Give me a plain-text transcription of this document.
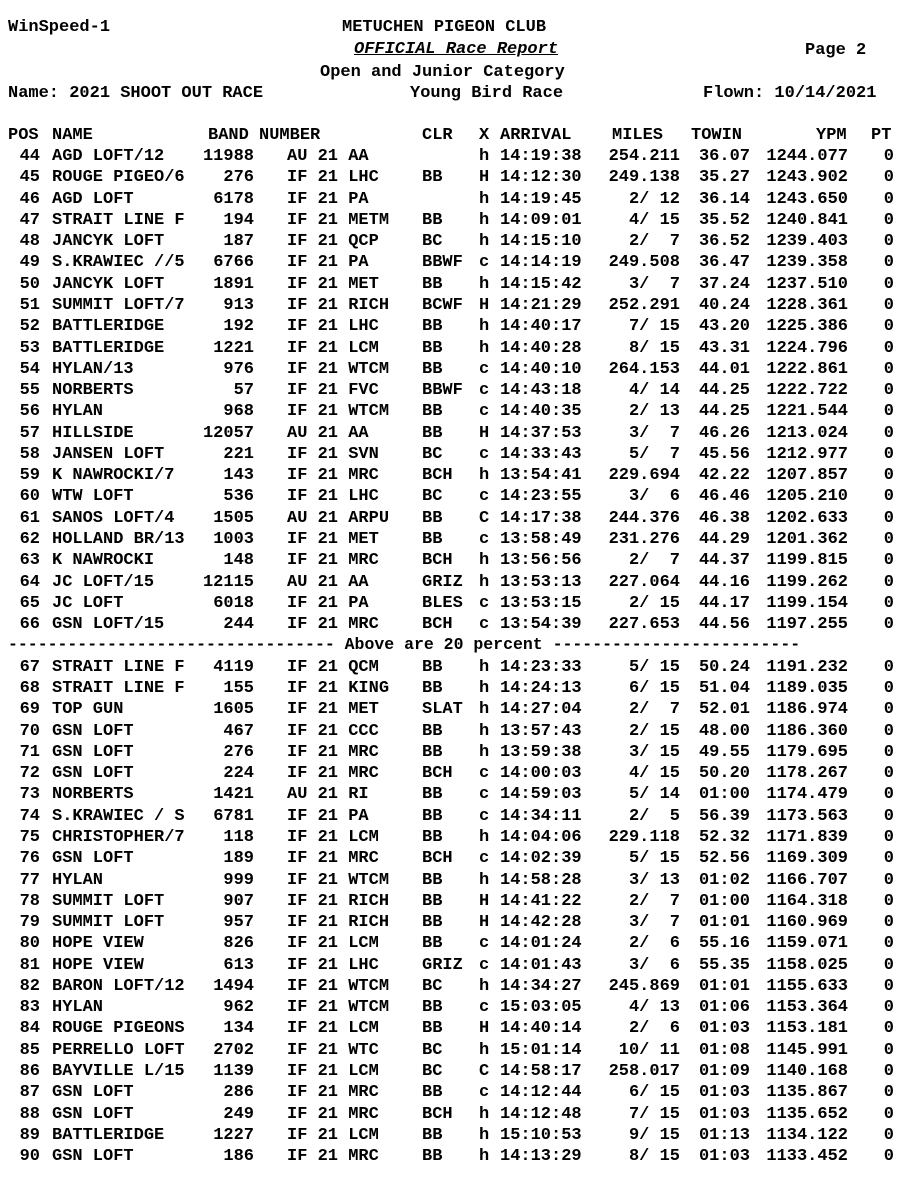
WinSpeed-1	METUCHEN PIGEON CLUB
OFFICIAL Race Report	Page 2
Open and Junior Category
Name: 2021 SHOOT OUT RACE	Young Bird Race	Flown: 10/14/2021
POS NAME	BAND NUMBER	CLR X ARRIVAL MILES TOWIN	YPM PT
44 AGD LOFT/12	11988 AU 21 AA	h 14:19:38	254.211	36.07 1244.077	0
45 ROUGE PIGEO/6	276 IF 21 LHC	BB	H 14:12:30	249.138	35.27 1243.902	0
46 AGD LOFT	6178 IF 21 PA	h 14:19:45	2/ 12	36.14 1243.650	0
47 STRAIT LINE F	194 IF 21 METM	BB	h 14:09:01	4/ 15	35.52 1240.841	0
48 JANCYK LOFT	187 IF 21 QCP	BC	h 14:15:10	2/  7	36.52 1239.403	0
49 S.KRAWIEC //5	6766 IF 21 PA	BBWF c 14:14:19	249.508	36.47 1239.358	0
50 JANCYK LOFT	1891 IF 21 MET	BB	h 14:15:42	3/  7	37.24 1237.510	0
51 SUMMIT LOFT/7	913 IF 21 RICH	BCWF H 14:21:29	252.291	40.24 1228.361	0
52 BATTLERIDGE	192 IF 21 LHC	BB	h 14:40:17	7/ 15	43.20 1225.386	0
53 BATTLERIDGE	1221 IF 21 LCM	BB	h 14:40:28	8/ 15	43.31 1224.796	0
54 HYLAN/13	976 IF 21 WTCM	BB	c 14:40:10	264.153	44.01 1222.861	0
55 NORBERTS	57 IF 21 FVC	BBWF c 14:43:18	4/ 14	44.25 1222.722	0
56 HYLAN	968 IF 21 WTCM	BB	c 14:40:35	2/ 13	44.25 1221.544	0
57 HILLSIDE	12057 AU 21 AA	BB	H 14:37:53	3/  7	46.26 1213.024	0
58 JANSEN LOFT	221 IF 21 SVN	BC	c 14:33:43	5/  7	45.56 1212.977	0
59 K NAWROCKI/7	143 IF 21 MRC	BCH	h 13:54:41	229.694	42.22 1207.857	0
60 WTW LOFT	536 IF 21 LHC	BC	c 14:23:55	3/  6	46.46 1205.210	0
61 SANOS LOFT/4	1505 AU 21 ARPU	BB	C 14:17:38	244.376	46.38 1202.633	0
62 HOLLAND BR/13	1003 IF 21 MET	BB	c 13:58:49	231.276	44.29 1201.362	0
63 K NAWROCKI	148 IF 21 MRC	BCH	h 13:56:56	2/  7	44.37 1199.815	0
64 JC LOFT/15	12115 AU 21 AA	GRIZ h 13:53:13	227.064	44.16 1199.262	0
65 JC LOFT	6018 IF 21 PA	BLES c 13:53:15	2/ 15	44.17 1199.154	0
66 GSN LOFT/15	244 IF 21 MRC	BCH	c 13:54:39	227.653	44.56 1197.255	0
67 STRAIT LINE F	4119 IF 21 QCM	BB	h 14:23:33	5/ 15	50.24 1191.232	0
68 STRAIT LINE F	155 IF 21 KING	BB	h 14:24:13	6/ 15	51.04 1189.035	0
69 TOP GUN	1605 IF 21 MET	SLAT h 14:27:04	2/  7	52.01 1186.974	0
70 GSN LOFT	467 IF 21 CCC	BB	h 13:57:43	2/ 15	48.00 1186.360	0
71 GSN LOFT	276 IF 21 MRC	BB	h 13:59:38	3/ 15	49.55 1179.695	0
72 GSN LOFT	224 IF 21 MRC	BCH	c 14:00:03	4/ 15	50.20 1178.267	0
73 NORBERTS	1421 AU 21 RI	BB	c 14:59:03	5/ 14	01:00 1174.479	0
74 S.KRAWIEC / S	6781 IF 21 PA	BB	c 14:34:11	2/  5	56.39 1173.563	0
75 CHRISTOPHER/7	118 IF 21 LCM	BB	h 14:04:06	229.118	52.32 1171.839	0
76 GSN LOFT	189 IF 21 MRC	BCH	c 14:02:39	5/ 15	52.56 1169.309	0
77 HYLAN	999 IF 21 WTCM	BB	h 14:58:28	3/ 13	01:02 1166.707	0
78 SUMMIT LOFT	907 IF 21 RICH	BB	H 14:41:22	2/  7	01:00 1164.318	0
79 SUMMIT LOFT	957 IF 21 RICH	BB	H 14:42:28	3/  7	01:01 1160.969	0
80 HOPE VIEW	826 IF 21 LCM	BB	c 14:01:24	2/  6	55.16 1159.071	0
81 HOPE VIEW	613 IF 21 LHC	GRIZ c 14:01:43	3/  6	55.35 1158.025	0
82 BARON LOFT/12	1494 IF 21 WTCM	BC	h 14:34:27	245.869	01:01 1155.633	0
83 HYLAN	962 IF 21 WTCM	BB	c 15:03:05	4/ 13	01:06 1153.364	0
84 ROUGE PIGEONS	134 IF 21 LCM	BB	H 14:40:14	2/  6	01:03 1153.181	0
85 PERRELLO LOFT	2702 IF 21 WTC	BC	h 15:01:14	10/ 11	01:08 1145.991	0
86 BAYVILLE L/15	1139 IF 21 LCM	BC	C 14:58:17	258.017	01:09 1140.168	0
87 GSN LOFT	286 IF 21 MRC	BB	c 14:12:44	6/ 15	01:03 1135.867	0
88 GSN LOFT	249 IF 21 MRC	BCH	h 14:12:48	7/ 15	01:03 1135.652	0
89 BATTLERIDGE	1227 IF 21 LCM	BB	h 15:10:53	9/ 15	01:13 1134.122	0
90 GSN LOFT	186 IF 21 MRC	BB	h 14:13:29	8/ 15	01:03 1133.452	0
--------------------------------- Above are 20 percent -------------------------
